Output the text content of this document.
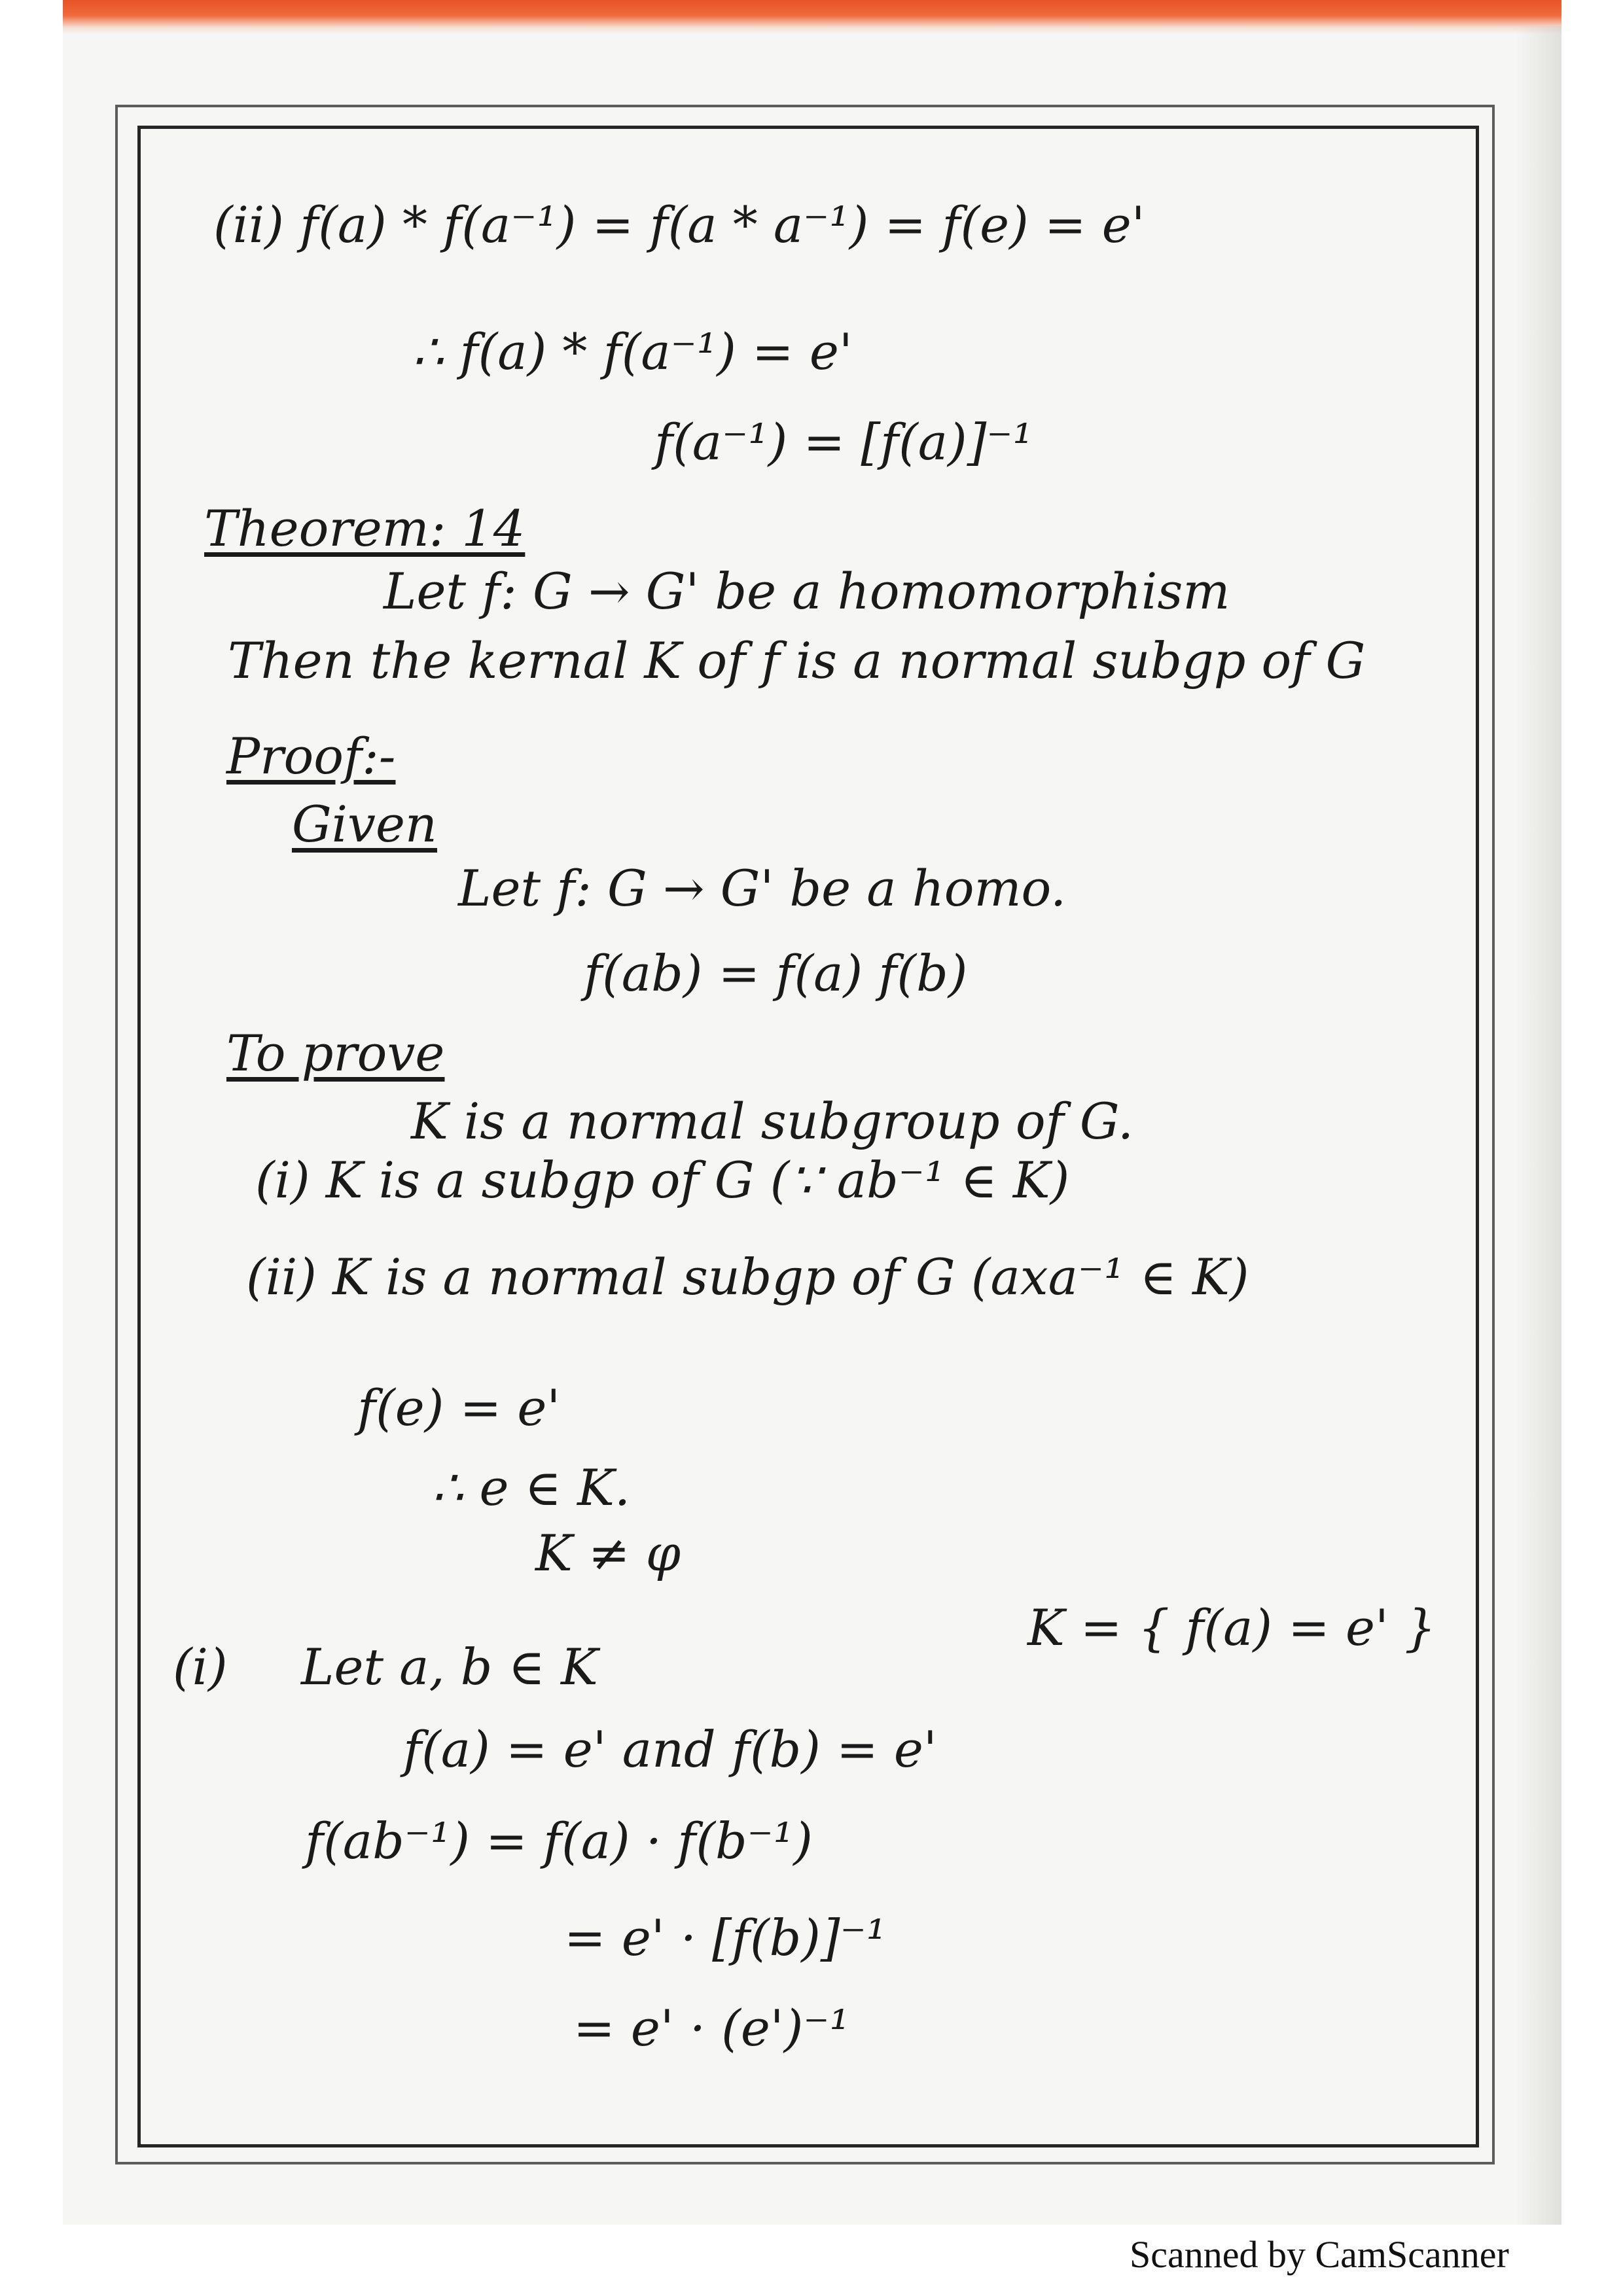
(ii) f(a) * f(a⁻¹) = f(a * a⁻¹) = f(e) = e'
∴ f(a) * f(a⁻¹) = e'
f(a⁻¹) = [f(a)]⁻¹
Theorem: 14
Let f: G → G' be a homomorphism
Then the kernal K of f is a normal subgp of G
Proof:-
Given
Let f: G → G' be a homo.
f(ab) = f(a) f(b)
To prove
K is a normal subgroup of G.
(i) K is a subgp of G (∵ ab⁻¹ ∈ K)
(ii) K is a normal subgp of G (axa⁻¹ ∈ K)
f(e) = e'
∴ e ∈ K.
K ≠ φ
K = { f(a) = e' }
(i) Let a, b ∈ K
f(a) = e' and f(b) = e'
f(ab⁻¹) = f(a) · f(b⁻¹)
= e' · [f(b)]⁻¹
= e' · (e')⁻¹
Scanned by CamScanner
